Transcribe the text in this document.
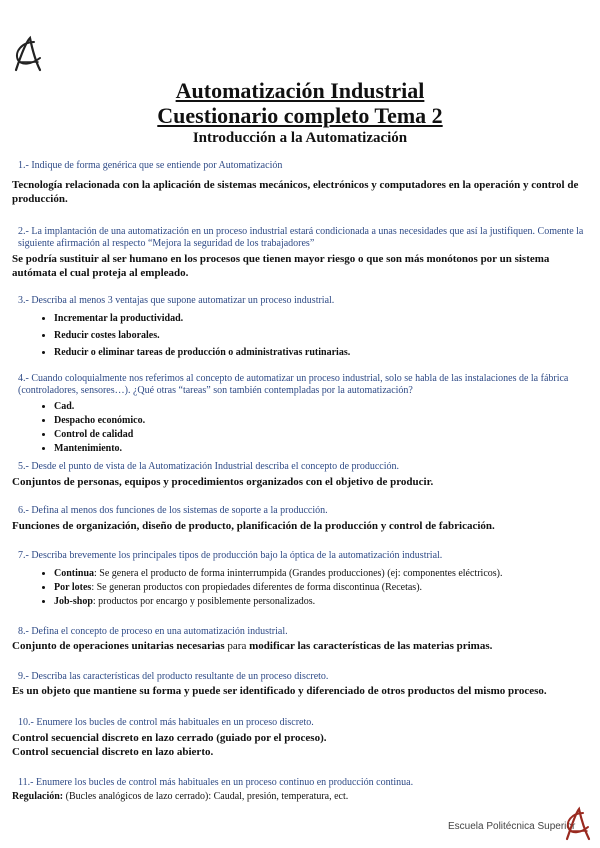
Automatización Industrial
Cuestionario completo Tema 2
Introducción a la Automatización
1.- Indique de forma genérica que se entiende por Automatización
Tecnología relacionada con la aplicación de sistemas mecánicos, electrónicos y computadores en la operación y control de producción.
2.- La implantación de una automatización en un proceso industrial estará condicionada a unas necesidades que así la justifiquen. Comente la siguiente afirmación al respecto “Mejora la seguridad de los trabajadores”
Se podría sustituir al ser humano en los procesos que tienen mayor riesgo o que son más monótonos por un sistema autómata el cual proteja al empleado.
3.- Describa al menos 3 ventajas que supone automatizar un proceso industrial.
• Incrementar la productividad.
• Reducir costes laborales.
• Reducir o eliminar tareas de producción o administrativas rutinarias.
4.- Cuando coloquialmente nos referimos al concepto de automatizar un proceso industrial, solo se habla de las instalaciones de la fábrica (controladores, sensores…). ¿Qué otras “tareas” son también contempladas por la automatización?
• Cad.
• Despacho económico.
• Control de calidad
• Mantenimiento.
5.- Desde el punto de vista de la Automatización Industrial describa el concepto de producción.
Conjuntos de personas, equipos y procedimientos organizados con el objetivo de producir.
6.- Defina al menos dos funciones de los sistemas de soporte a la producción.
Funciones de organización, diseño de producto, planificación de la producción y control de fabricación.
7.- Describa brevemente los principales tipos de producción bajo la óptica de la automatización industrial.
• Continua: Se genera el producto de forma ininterrumpida (Grandes producciones) (ej: componentes eléctricos).
• Por lotes: Se generan productos con propiedades diferentes de forma discontinua (Recetas).
• Job-shop: productos por encargo y posiblemente personalizados.
8.- Defina el concepto de proceso en una automatización industrial.
Conjunto de operaciones unitarias necesarias para modificar las características de las materias primas.
9.- Describa las características del producto resultante de un proceso discreto.
Es un objeto que mantiene su forma y puede ser identificado y diferenciado de otros productos del mismo proceso.
10.- Enumere los bucles de control más habituales en un proceso discreto.
Control secuencial discreto en lazo cerrado (guiado por el proceso).
Control secuencial discreto en lazo abierto.
11.- Enumere los bucles de control más habituales en un proceso continuo en producción continua.
Regulación: (Bucles analógicos de lazo cerrado): Caudal, presión, temperatura, ect.
Escuela Politécnica Superior
